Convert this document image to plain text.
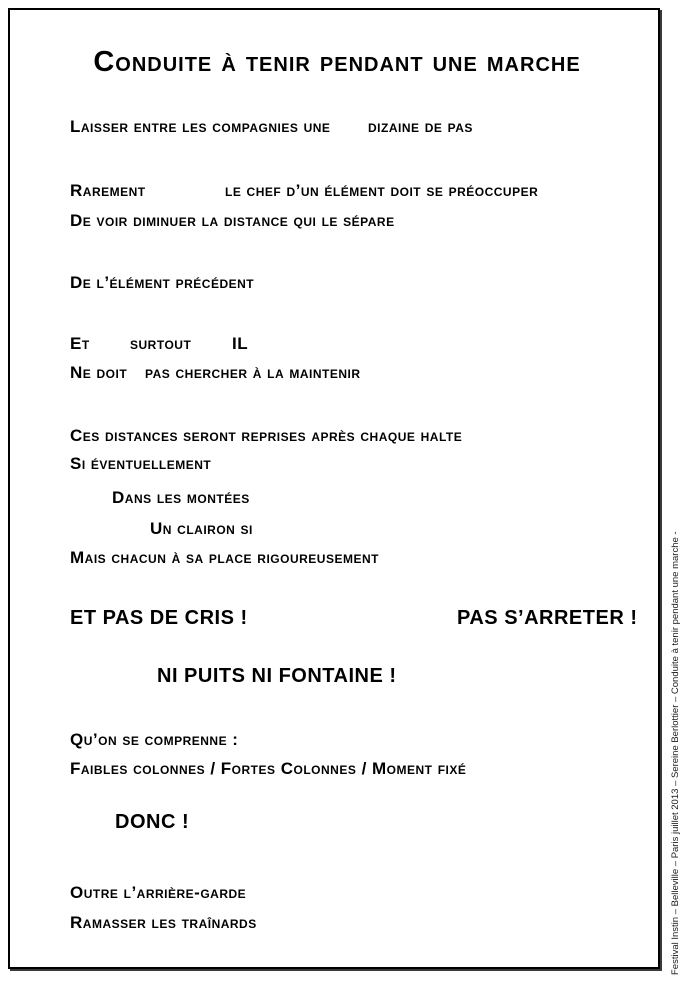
Conduite à tenir pendant une marche
Laisser entre les compagnies une dizaine de pas
Rarement	le chef d’un élément doit se préoccuper
De voir diminuer la distance qui le sépare
De l’élément précédent
Et surtout IL
Ne doit pas chercher à la maintenir
Ces distances seront reprises après chaque halte
Si éventuellement
Dans les montées
Un clairon si
Mais chacun à sa place rigoureusement
ET PAS DE CRIS !	PAS S’ARRETER !
NI PUITS NI FONTAINE !
Qu’on se comprenne :
Faibles colonnes / Fortes Colonnes / Moment fixé
DONC !
Outre l’arrière-garde
Ramasser les traînards	Festival Instin – Belleville – Paris juillet 2013 – Sereine Berlottier – Conduite à tenir pendant une marche -
